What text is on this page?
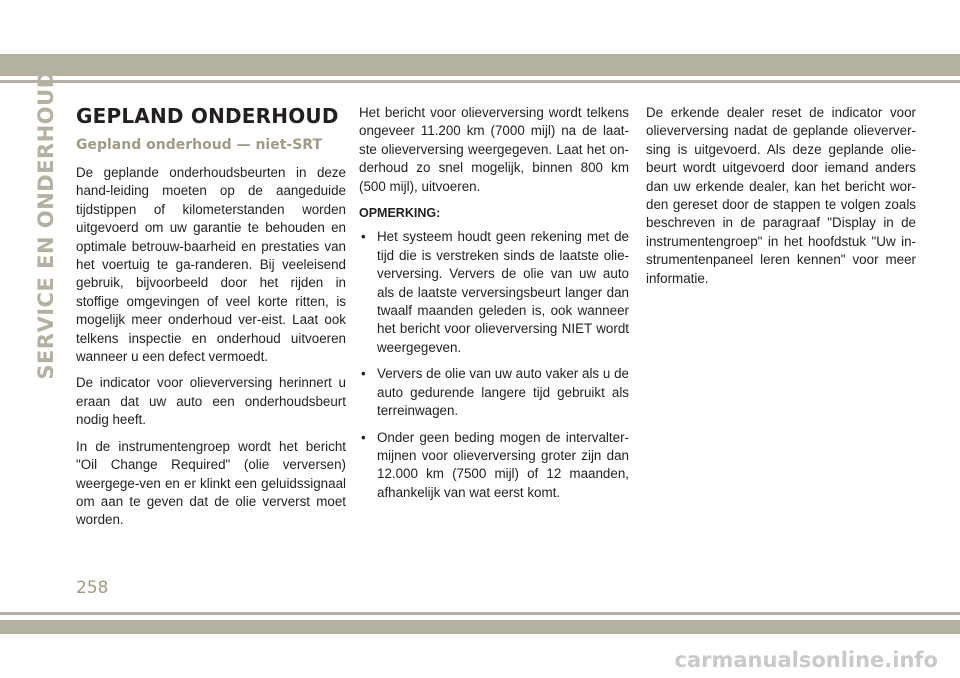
SERVICE EN ONDERHOUD GEPLAND ONDERHOUD
Gepland onderhoud — niet-SRT

De geplande onderhoudsbeurten in deze hand-leiding moeten op de aangeduide tijdstippen of kilometerstanden worden uitgevoerd om uw garantie te behouden en optimale betrouw-baarheid en prestaties van het voertuig te ga-randeren. Bij veeleisend gebruik, bijvoorbeeld door het rijden in stoffige omgevingen of veel korte ritten, is mogelijk meer onderhoud ver-eist. Laat ook telkens inspectie en onderhoud uitvoeren wanneer u een defect vermoedt.

De indicator voor olieverversing herinnert u eraan dat uw auto een onderhoudsbeurt nodig heeft.

In de instrumentengroep wordt het bericht "Oil Change Required" (olie verversen) weergege-ven en er klinkt een geluidssignaal om aan te geven dat de olie ververst moet worden.

Het bericht voor olieverversing wordt telkens ongeveer 11.200 km (7000 mijl) na de laat-ste olieverversing weergegeven. Laat het on-derhoud zo snel mogelijk, binnen 800 km (500 mijl), uitvoeren.

OPMERKING:
• Het systeem houdt geen rekening met de tijd die is verstreken sinds de laatste olie-verversing. Ververs de olie van uw auto als de laatste verversingsbeurt langer dan twaalf maanden geleden is, ook wanneer het bericht voor olieverversing NIET wordt weergegeven.
• Ververs de olie van uw auto vaker als u de auto gedurende langere tijd gebruikt als terreinwagen.
• Onder geen beding mogen de intervalter-mijnen voor olieverversing groter zijn dan 12.000 km (7500 mijl) of 12 maanden, afhankelijk van wat eerst komt.

De erkende dealer reset de indicator voor olieverversing nadat de geplande olieverver-sing is uitgevoerd. Als deze geplande olie-beurt wordt uitgevoerd door iemand anders dan uw erkende dealer, kan het bericht wor-den gereset door de stappen te volgen zoals beschreven in de paragraaf "Display in de instrumentengroep" in het hoofdstuk "Uw in-strumentenpaneel leren kennen" voor meer informatie.

258
carmanualsonline.info
